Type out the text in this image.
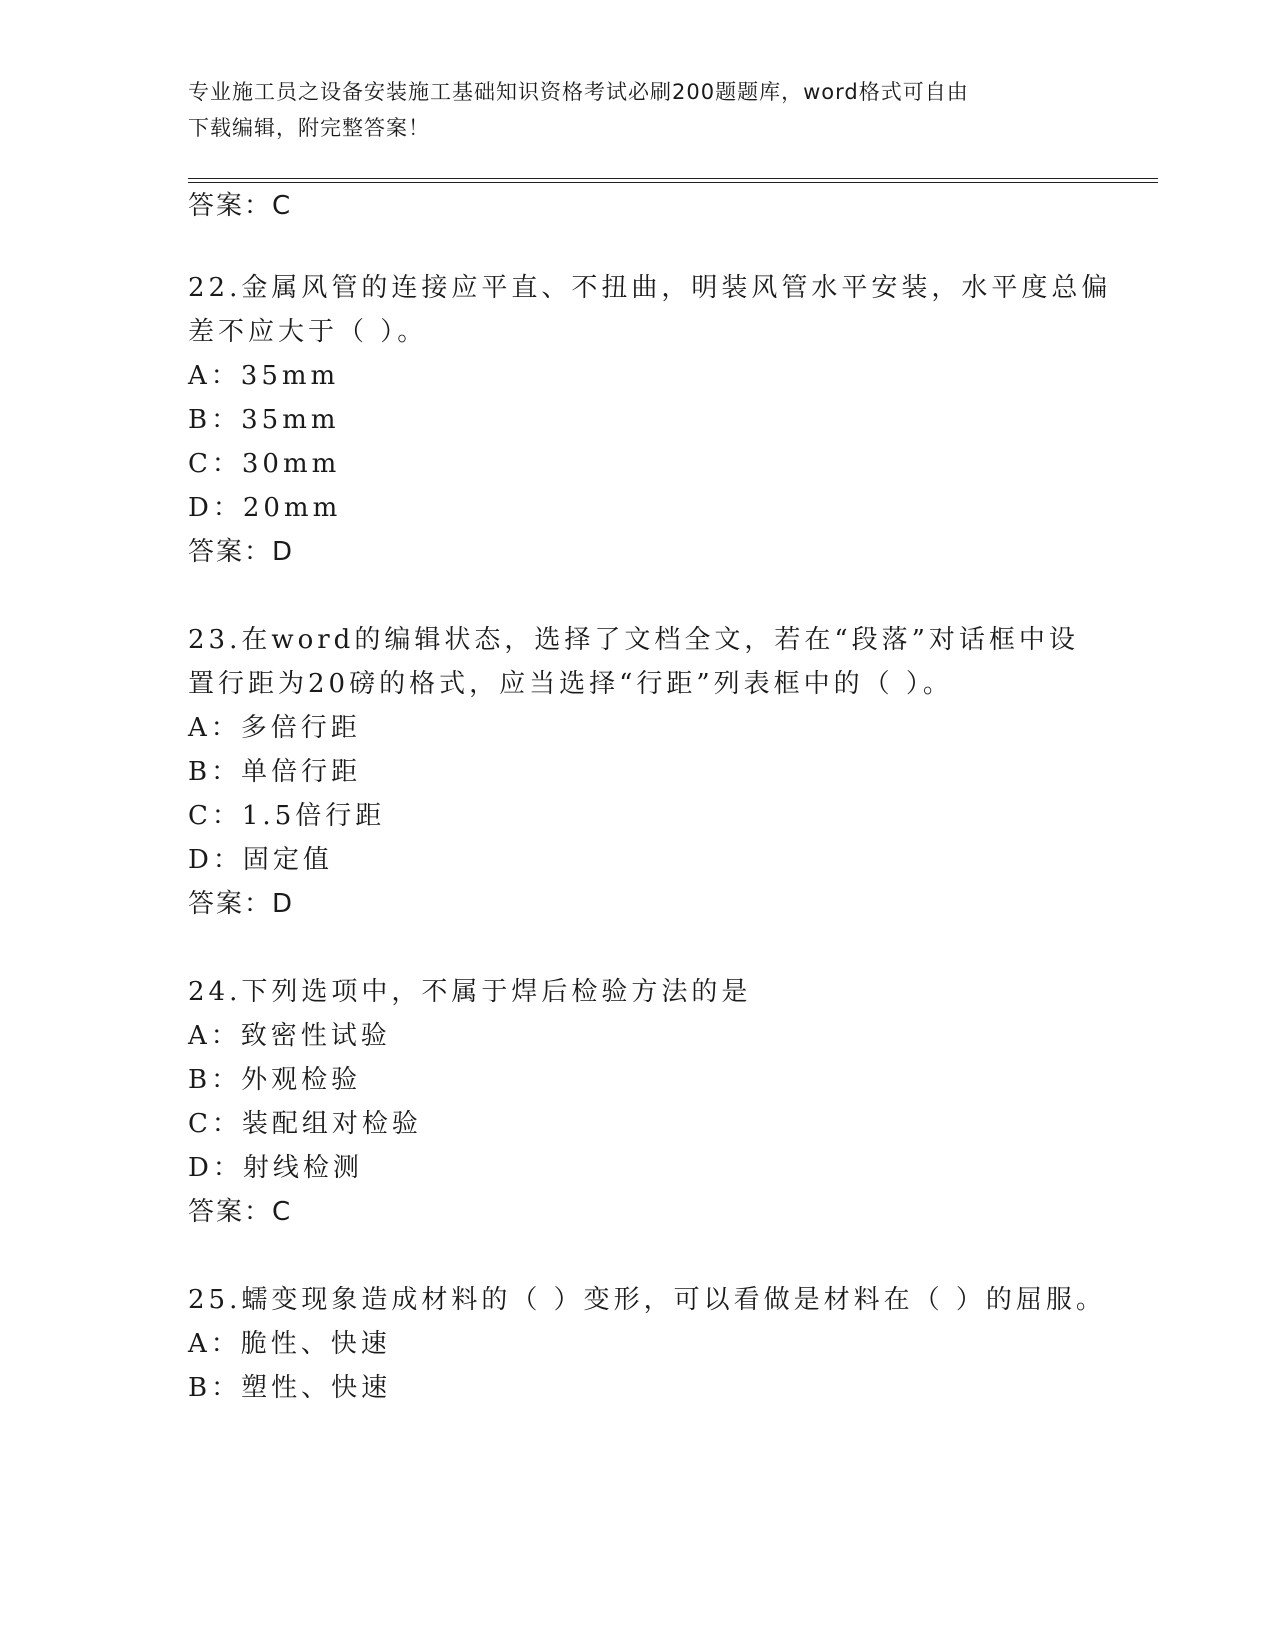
专业施工员之设备安装施工基础知识资格考试必刷200题题库，word格式可自由
下载编辑，附完整答案！
答案：C
22.金属风管的连接应平直、不扭曲，明装风管水平安装，水平度总偏
差不应大于（ ）。
A：35mm
B：35mm
C：30mm
D：20mm
答案：D
23.在word的编辑状态，选择了文档全文，若在“段落”对话框中设
置行距为20磅的格式，应当选择“行距”列表框中的（ ）。
A：多倍行距
B：单倍行距
C：1.5倍行距
D：固定值
答案：D
24.下列选项中，不属于焊后检验方法的是
A：致密性试验
B：外观检验
C：装配组对检验
D：射线检测
答案：C
25.蠕变现象造成材料的（ ）变形，可以看做是材料在（ ）的屈服。
A：脆性、快速
B：塑性、快速
